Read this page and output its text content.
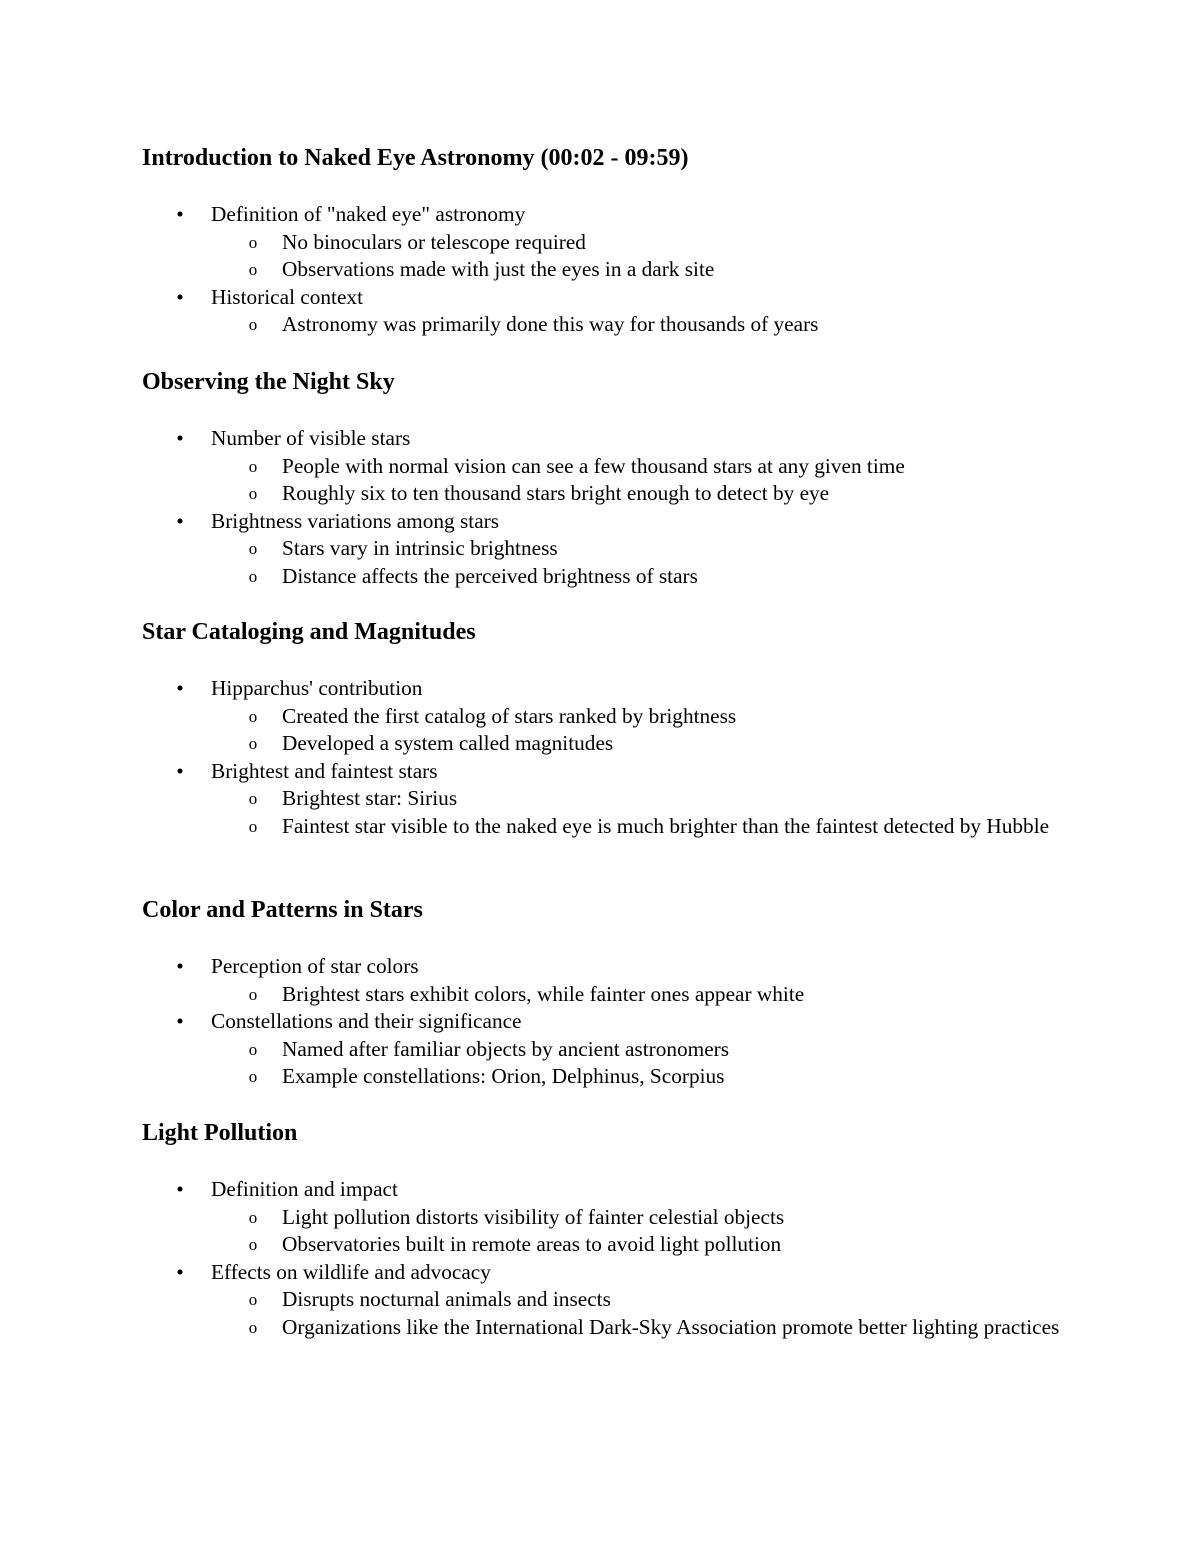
Introduction to Naked Eye Astronomy (00:02 - 09:59)
• Definition of "naked eye" astronomy
o No binoculars or telescope required
o Observations made with just the eyes in a dark site
• Historical context
o Astronomy was primarily done this way for thousands of years
Observing the Night Sky
• Number of visible stars
o People with normal vision can see a few thousand stars at any given time
o Roughly six to ten thousand stars bright enough to detect by eye
• Brightness variations among stars
o Stars vary in intrinsic brightness
o Distance affects the perceived brightness of stars
Star Cataloging and Magnitudes
• Hipparchus' contribution
o Created the first catalog of stars ranked by brightness
o Developed a system called magnitudes
• Brightest and faintest stars
o Brightest star: Sirius
o Faintest star visible to the naked eye is much brighter than the faintest detected by Hubble
Color and Patterns in Stars
• Perception of star colors
o Brightest stars exhibit colors, while fainter ones appear white
• Constellations and their significance
o Named after familiar objects by ancient astronomers
o Example constellations: Orion, Delphinus, Scorpius
Light Pollution
• Definition and impact
o Light pollution distorts visibility of fainter celestial objects
o Observatories built in remote areas to avoid light pollution
• Effects on wildlife and advocacy
o Disrupts nocturnal animals and insects
o Organizations like the International Dark-Sky Association promote better lighting practices
